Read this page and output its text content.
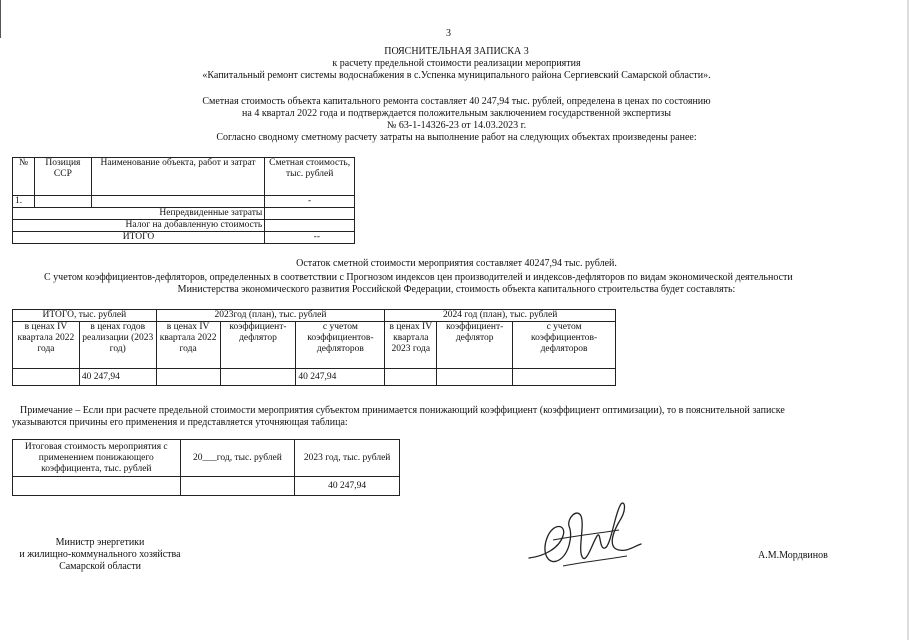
3
ПОЯСНИТЕЛЬНАЯ ЗАПИСКА 3
к расчету предельной стоимости реализации мероприятия
«Капитальный ремонт системы водоснабжения в с.Успенка муниципального района Сергиевский Самарской области».
Сметная стоимость объекта капитального ремонта составляет 40 247,94 тыс. рублей, определена в ценах по состоянию
на 4 квартал 2022 года и подтверждается положительным заключением государственной экспертизы
№ 63-1-14326-23 от 14.03.2023 г.
Согласно сводному сметному расчету затраты на выполнение работ на следующих объектах произведены ранее:
№	Позиция ССР	Наименование объекта, работ и затрат	Сметная стоимость, тыс. рублей
1.			-
Непредвиденные затраты			
Налог на добавленную стоимость			
ИТОГО			--
Остаток сметной стоимости мероприятия составляет 40247,94 тыс. рублей.
С учетом коэффициентов-дефляторов, определенных в соответствии с Прогнозом индексов цен производителей и индексов-дефляторов по видам экономической деятельности
Министерства экономического развития Российской Федерации, стоимость объекта капитального строительства будет составлять:
ИТОГО, тыс. рублей		2023год (план), тыс. рублей			2024 год (план), тыс. рублей		
в ценах IV квартала 2022 года	в ценах годов реализации (2023 год)	в ценах IV квартала 2022 года	коэффициент-дефлятор	с учетом коэффициентов-дефляторов	в ценах IV квартала 2023 года	коэффициент-дефлятор	с учетом коэффициентов-дефляторов
	40 247,94			40 247,94			
Примечание – Если при расчете предельной стоимости мероприятия субъектом принимается понижающий коэффициент (коэффициент оптимизации), то в пояснительной записке
указываются причины его применения и представляется уточняющая таблица:
Итоговая стоимость мероприятия с применением понижающего коэффициента, тыс. рублей	20___год, тыс. рублей	2023 год, тыс. рублей
		40 247,94
Министр энергетики
и жилищно-коммунального хозяйства
Самарской области
А.М.Мордвинов
